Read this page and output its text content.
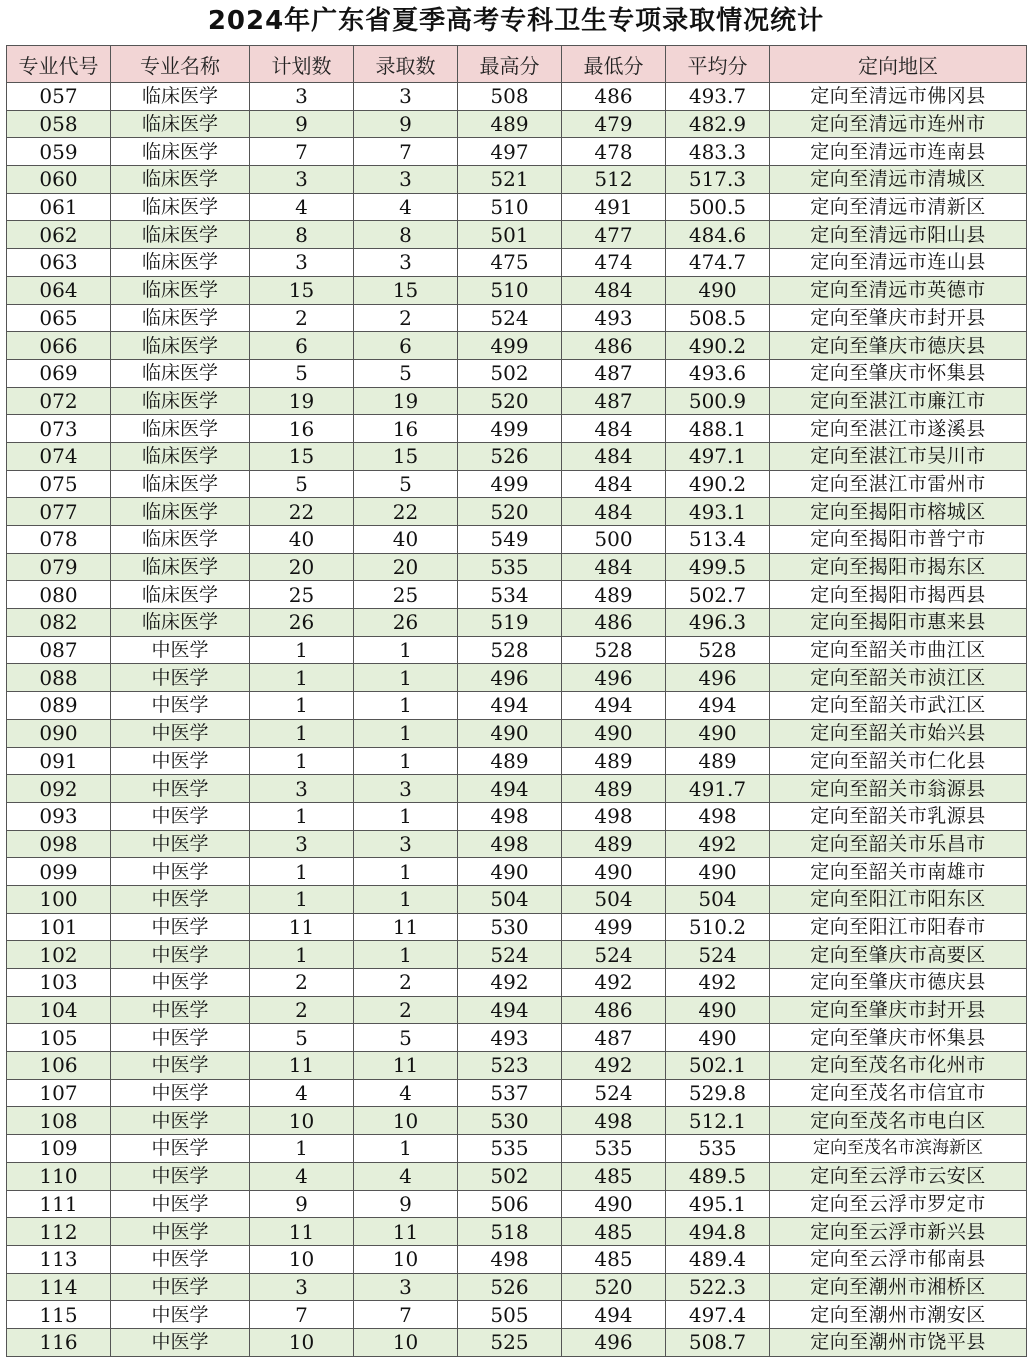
2024年广东省夏季高考专科卫生专项录取情况统计
专业代号	专业名称	计划数	录取数	最高分	最低分	平均分	定向地区
057	临床医学	3	3	508	486	493.7	定向至清远市佛冈县
058	临床医学	9	9	489	479	482.9	定向至清远市连州市
059	临床医学	7	7	497	478	483.3	定向至清远市连南县
060	临床医学	3	3	521	512	517.3	定向至清远市清城区
061	临床医学	4	4	510	491	500.5	定向至清远市清新区
062	临床医学	8	8	501	477	484.6	定向至清远市阳山县
063	临床医学	3	3	475	474	474.7	定向至清远市连山县
064	临床医学	15	15	510	484	490	定向至清远市英德市
065	临床医学	2	2	524	493	508.5	定向至肇庆市封开县
066	临床医学	6	6	499	486	490.2	定向至肇庆市德庆县
069	临床医学	5	5	502	487	493.6	定向至肇庆市怀集县
072	临床医学	19	19	520	487	500.9	定向至湛江市廉江市
073	临床医学	16	16	499	484	488.1	定向至湛江市遂溪县
074	临床医学	15	15	526	484	497.1	定向至湛江市吴川市
075	临床医学	5	5	499	484	490.2	定向至湛江市雷州市
077	临床医学	22	22	520	484	493.1	定向至揭阳市榕城区
078	临床医学	40	40	549	500	513.4	定向至揭阳市普宁市
079	临床医学	20	20	535	484	499.5	定向至揭阳市揭东区
080	临床医学	25	25	534	489	502.7	定向至揭阳市揭西县
082	临床医学	26	26	519	486	496.3	定向至揭阳市惠来县
087	中医学	1	1	528	528	528	定向至韶关市曲江区
088	中医学	1	1	496	496	496	定向至韶关市浈江区
089	中医学	1	1	494	494	494	定向至韶关市武江区
090	中医学	1	1	490	490	490	定向至韶关市始兴县
091	中医学	1	1	489	489	489	定向至韶关市仁化县
092	中医学	3	3	494	489	491.7	定向至韶关市翁源县
093	中医学	1	1	498	498	498	定向至韶关市乳源县
098	中医学	3	3	498	489	492	定向至韶关市乐昌市
099	中医学	1	1	490	490	490	定向至韶关市南雄市
100	中医学	1	1	504	504	504	定向至阳江市阳东区
101	中医学	11	11	530	499	510.2	定向至阳江市阳春市
102	中医学	1	1	524	524	524	定向至肇庆市高要区
103	中医学	2	2	492	492	492	定向至肇庆市德庆县
104	中医学	2	2	494	486	490	定向至肇庆市封开县
105	中医学	5	5	493	487	490	定向至肇庆市怀集县
106	中医学	11	11	523	492	502.1	定向至茂名市化州市
107	中医学	4	4	537	524	529.8	定向至茂名市信宜市
108	中医学	10	10	530	498	512.1	定向至茂名市电白区
109	中医学	1	1	535	535	535	定向至茂名市滨海新区
110	中医学	4	4	502	485	489.5	定向至云浮市云安区
111	中医学	9	9	506	490	495.1	定向至云浮市罗定市
112	中医学	11	11	518	485	494.8	定向至云浮市新兴县
113	中医学	10	10	498	485	489.4	定向至云浮市郁南县
114	中医学	3	3	526	520	522.3	定向至潮州市湘桥区
115	中医学	7	7	505	494	497.4	定向至潮州市潮安区
116	中医学	10	10	525	496	508.7	定向至潮州市饶平县
